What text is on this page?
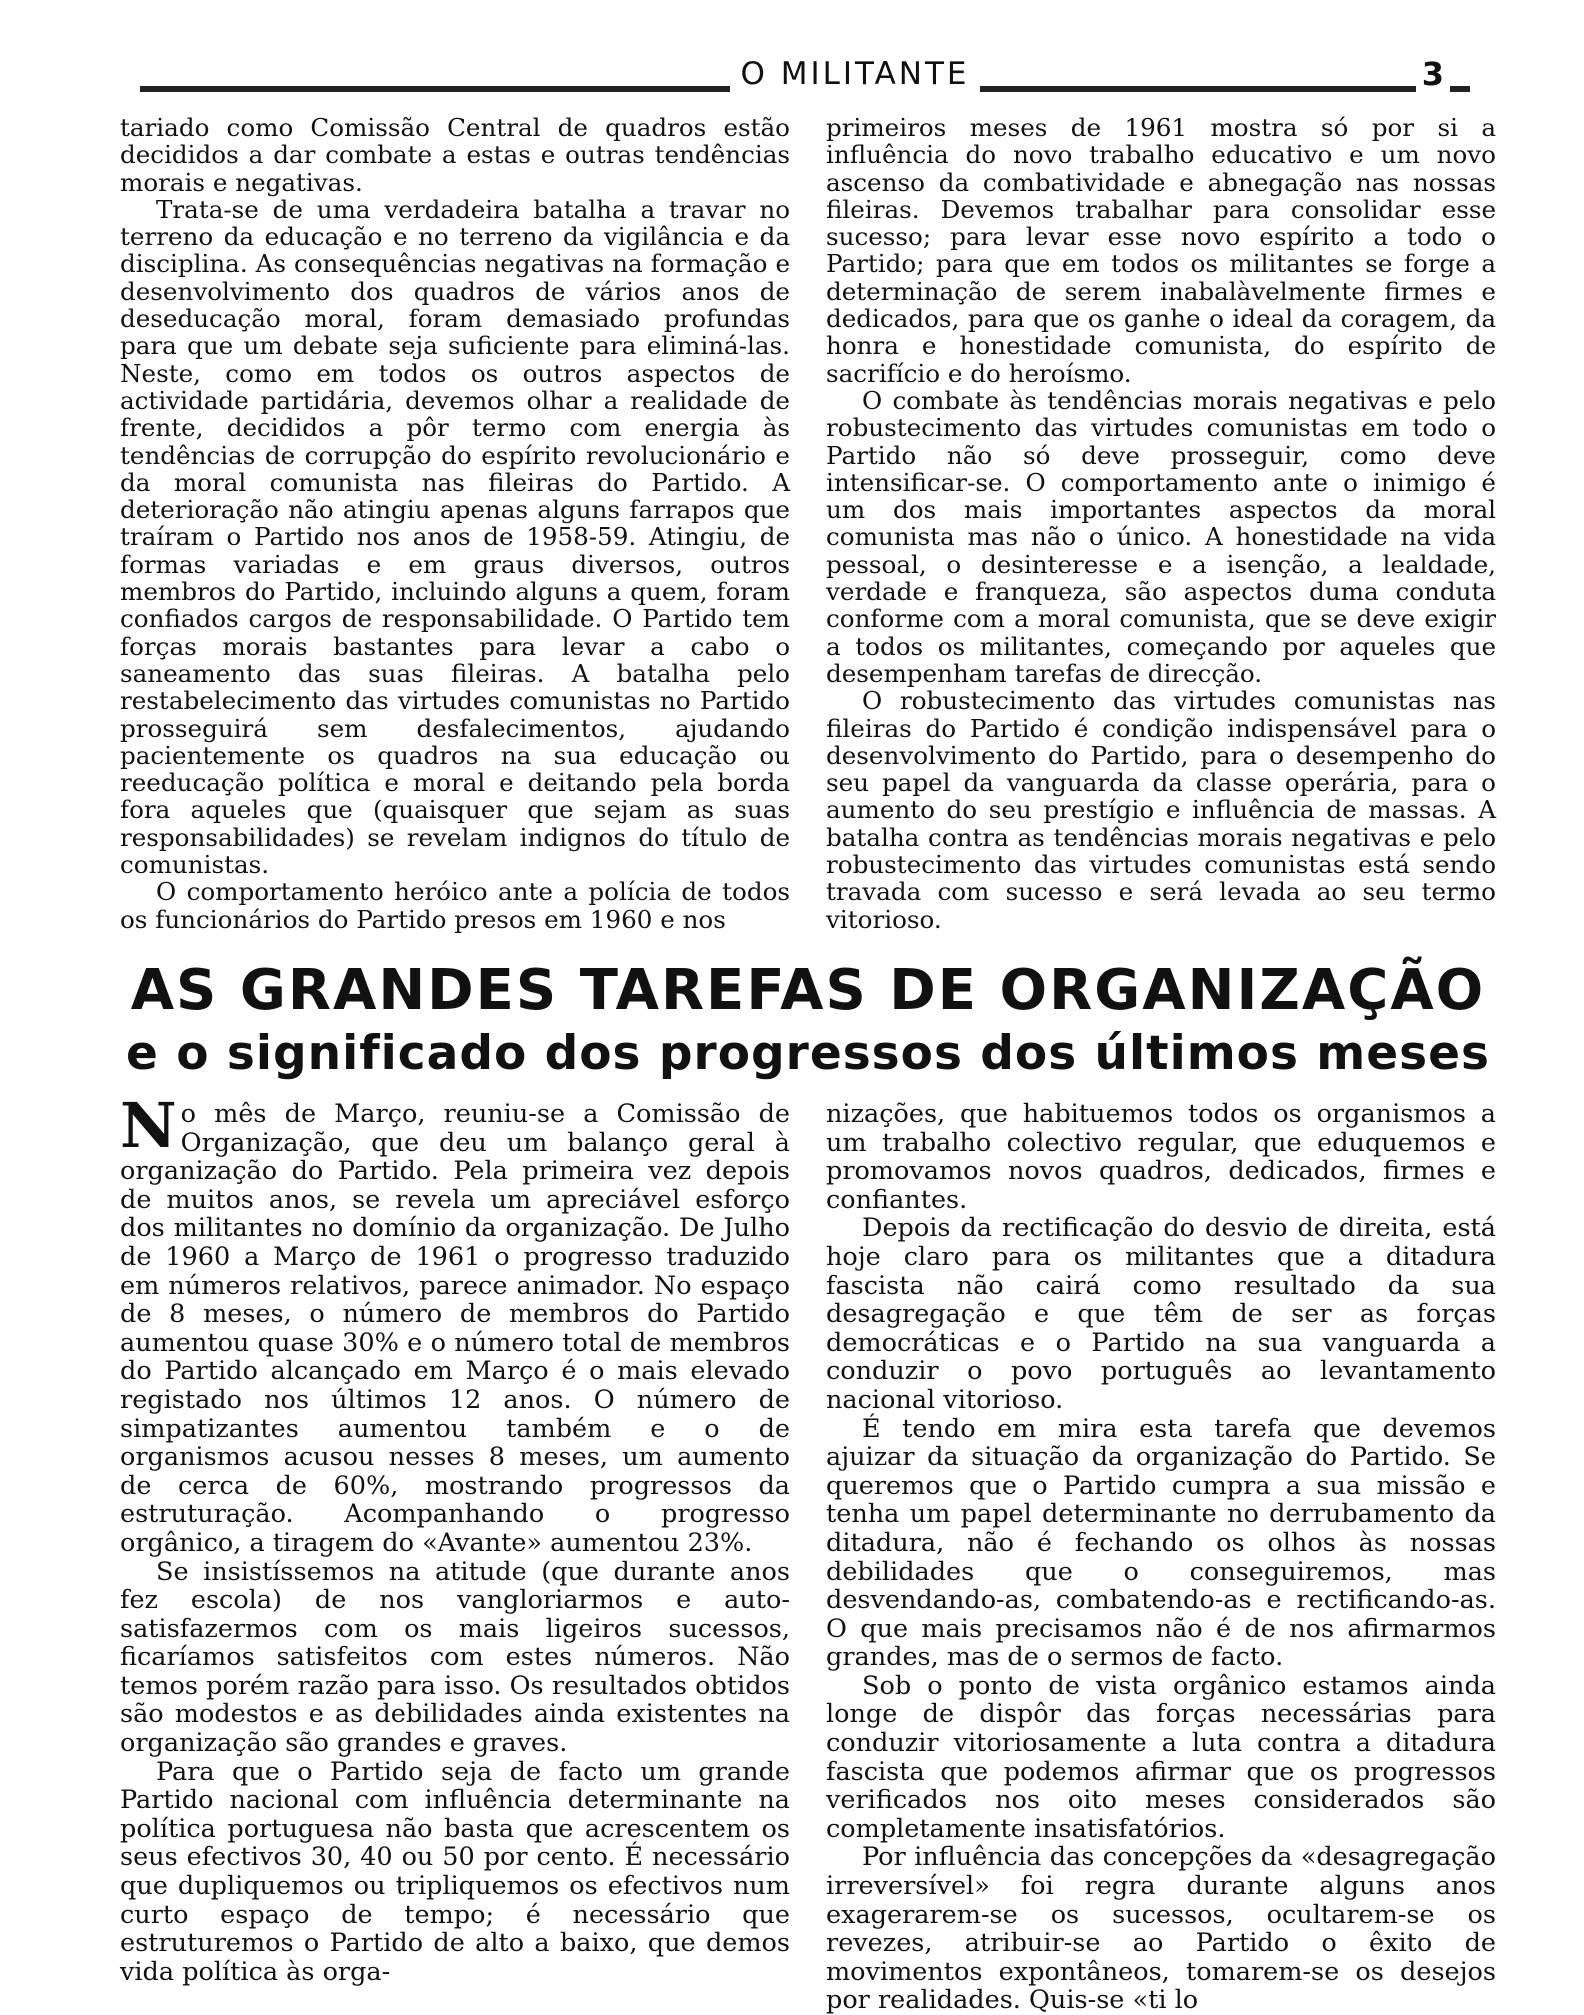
O MILITANTE	3

tariado como Comissão Central de quadros estão decididos a dar combate a estas e outras tendências morais e negativas.

Trata-se de uma verdadeira batalha a travar no terreno da educação e no terreno da vigilância e da disciplina. As consequências negativas na formação e desenvolvimento dos quadros de vários anos de deseducação moral, foram demasiado profundas para que um debate seja suficiente para eliminá-las. Neste, como em todos os outros aspectos de actividade partidária, devemos olhar a realidade de frente, decididos a pôr termo com energia às tendências de corrupção do espírito revolucionário e da moral comunista nas fileiras do Partido. A deterioração não atingiu apenas alguns farrapos que traíram o Partido nos anos de 1958-59. Atingiu, de formas variadas e em graus diversos, outros membros do Partido, incluindo alguns a quem, foram confiados cargos de responsabilidade. O Partido tem forças morais bastantes para levar a cabo o saneamento das suas fileiras. A batalha pelo restabelecimento das virtudes comunistas no Partido prosseguirá sem desfalecimentos, ajudando pacientemente os quadros na sua educação ou reeducação política e moral e deitando pela borda fora aqueles que (quaisquer que sejam as suas responsabilidades) se revelam indignos do título de comunistas.

O comportamento heróico ante a polícia de todos os funcionários do Partido presos em 1960 e nos

primeiros meses de 1961 mostra só por si a influência do novo trabalho educativo e um novo ascenso da combatividade e abnegação nas nossas fileiras. Devemos trabalhar para consolidar esse sucesso; para levar esse novo espírito a todo o Partido; para que em todos os militantes se forge a determinação de serem inabalàvelmente firmes e dedicados, para que os ganhe o ideal da coragem, da honra e honestidade comunista, do espírito de sacrifício e do heroísmo.

O combate às tendências morais negativas e pelo robustecimento das virtudes comunistas em todo o Partido não só deve prosseguir, como deve intensificar-se. O comportamento ante o inimigo é um dos mais importantes aspectos da moral comunista mas não o único. A honestidade na vida pessoal, o desinteresse e a isenção, a lealdade, verdade e franqueza, são aspectos duma conduta conforme com a moral comunista, que se deve exigir a todos os militantes, começando por aqueles que desempenham tarefas de direcção.

O robustecimento das virtudes comunistas nas fileiras do Partido é condição indispensável para o desenvolvimento do Partido, para o desempenho do seu papel da vanguarda da classe operária, para o aumento do seu prestígio e influência de massas. A batalha contra as tendências morais negativas e pelo robustecimento das virtudes comunistas está sendo travada com sucesso e será levada ao seu termo vitorioso.

AS GRANDES TAREFAS DE ORGANIZAÇÃO
e o significado dos progressos dos últimos meses

No mês de Março, reuniu-se a Comissão de Organização, que deu um balanço geral à organização do Partido. Pela primeira vez depois de muitos anos, se revela um apreciável esforço dos militantes no domínio da organização. De Julho de 1960 a Março de 1961 o progresso traduzido em números relativos, parece animador. No espaço de 8 meses, o número de membros do Partido aumentou quase 30% e o número total de membros do Partido alcançado em Março é o mais elevado registado nos últimos 12 anos. O número de simpatizantes aumentou também e o de organismos acusou nesses 8 meses, um aumento de cerca de 60%, mostrando progressos da estruturação. Acompanhando o progresso orgânico, a tiragem do «Avante» aumentou 23%.

Se insistíssemos na atitude (que durante anos fez escola) de nos vangloriarmos e auto-satisfazermos com os mais ligeiros sucessos, ficaríamos satisfeitos com estes números. Não temos porém razão para isso. Os resultados obtidos são modestos e as debilidades ainda existentes na organização são grandes e graves.

Para que o Partido seja de facto um grande Partido nacional com influência determinante na política portuguesa não basta que acrescentem os seus efectivos 30, 40 ou 50 por cento. É necessário que dupliquemos ou tripliquemos os efectivos num curto espaço de tempo; é necessário que estruturemos o Partido de alto a baixo, que demos vida política às orga-

nizações, que habituemos todos os organismos a um trabalho colectivo regular, que eduquemos e promovamos novos quadros, dedicados, firmes e confiantes.

Depois da rectificação do desvio de direita, está hoje claro para os militantes que a ditadura fascista não cairá como resultado da sua desagregação e que têm de ser as forças democráticas e o Partido na sua vanguarda a conduzir o povo português ao levantamento nacional vitorioso.

É tendo em mira esta tarefa que devemos ajuizar da situação da organização do Partido. Se queremos que o Partido cumpra a sua missão e tenha um papel determinante no derrubamento da ditadura, não é fechando os olhos às nossas debilidades que o conseguiremos, mas desvendando-as, combatendo-as e rectificando-as. O que mais precisamos não é de nos afirmarmos grandes, mas de o sermos de facto.

Sob o ponto de vista orgânico estamos ainda longe de dispôr das forças necessárias para conduzir vitoriosamente a luta contra a ditadura fascista que podemos afirmar que os progressos verificados nos oito meses considerados são completamente insatisfatórios.

Por influência das concepções da «desagregação irreversível» foi regra durante alguns anos exagerarem-se os sucessos, ocultarem-se os revezes, atribuir-se ao Partido o êxito de movimentos expontâneos, tomarem-se os desejos por realidades. Quis-se «ti lo
